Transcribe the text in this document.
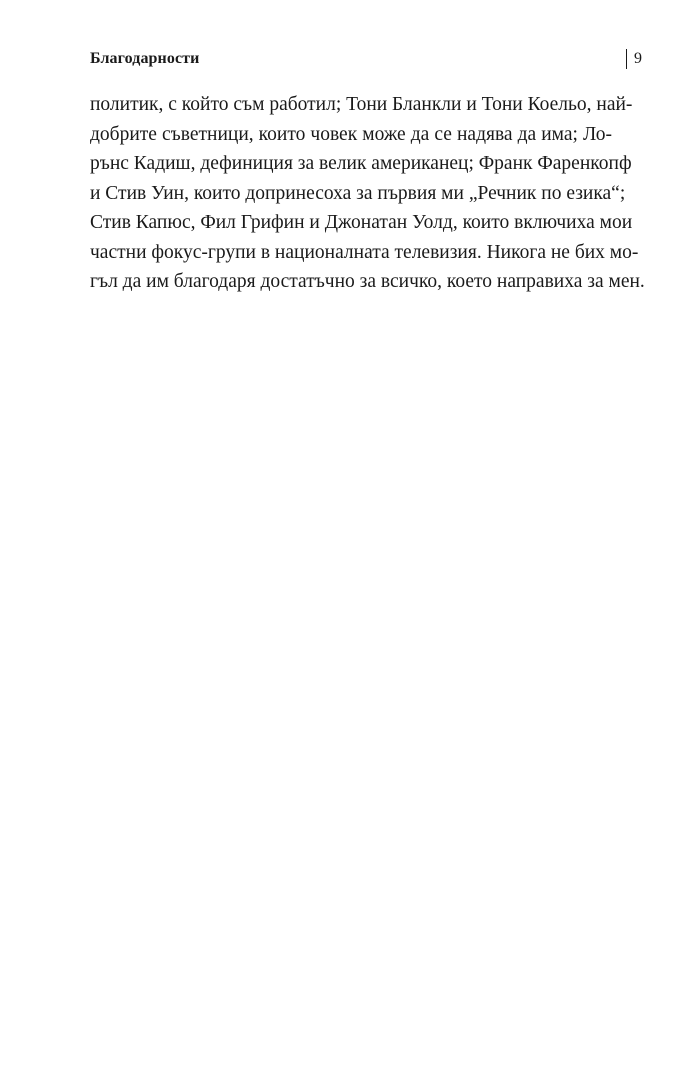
Благодарности	9
политик, с който съм работил; Тони Бланкли и Тони Коельо, най-
добрите съветници, които човек може да се надява да има; Ло-
рънс Кадиш, дефиниция за велик американец; Франк Фаренкопф
и Стив Уин, които допринесоха за първия ми „Речник по езика“;
Стив Капюс, Фил Грифин и Джонатан Уолд, които включиха мои
частни фокус-групи в националната телевизия. Никога не бих мо-
гъл да им благодаря достатъчно за всичко, което направиха за мен.
